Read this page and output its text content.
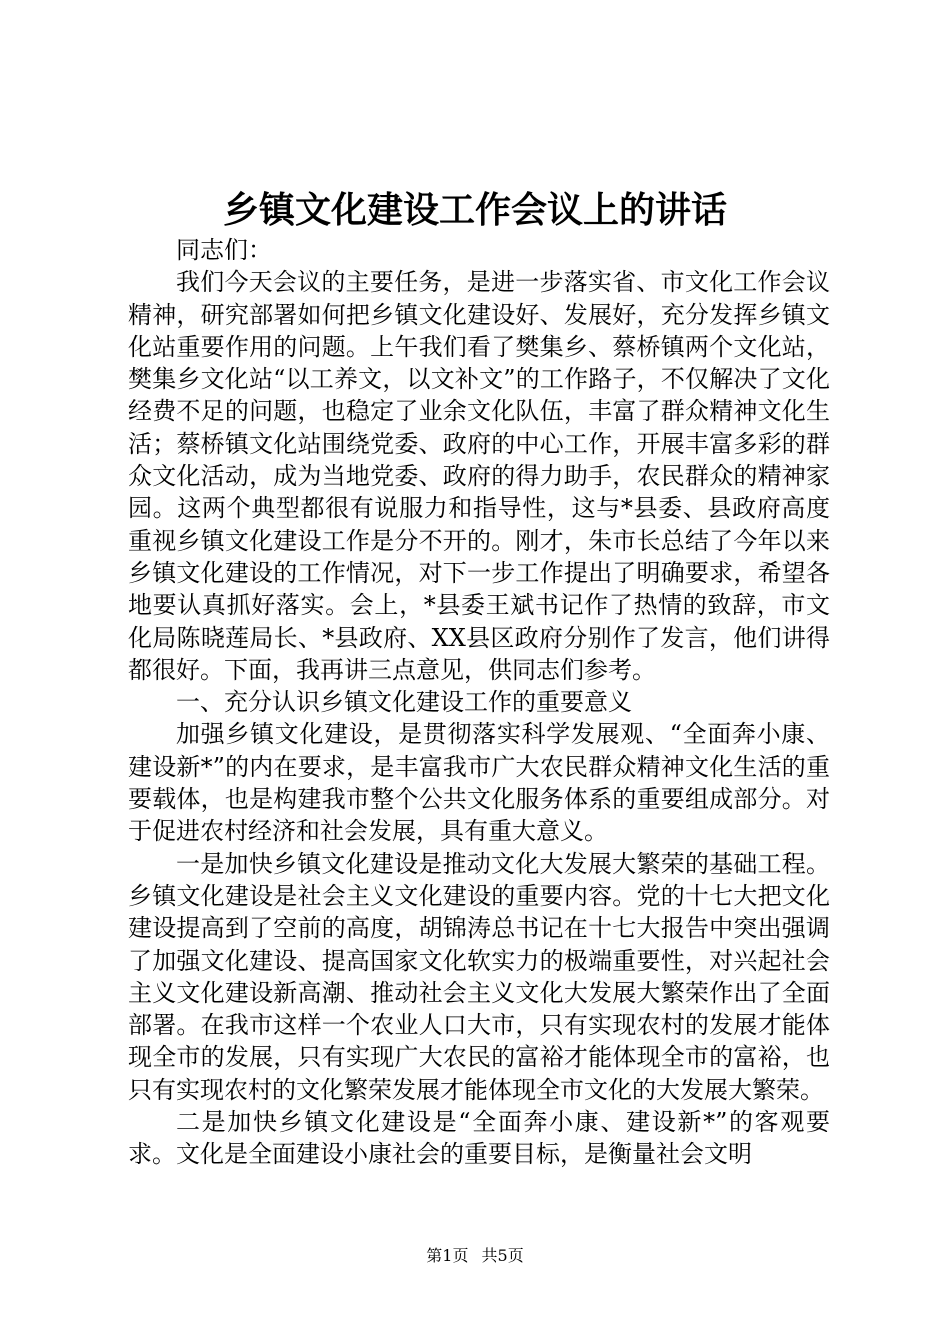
乡镇文化建设工作会议上的讲话

同志们：

我们今天会议的主要任务，是进一步落实省、市文化工作会议精神，研究部署如何把乡镇文化建设好、发展好，充分发挥乡镇文化站重要作用的问题。上午我们看了樊集乡、蔡桥镇两个文化站，樊集乡文化站“以工养文，以文补文”的工作路子，不仅解决了文化经费不足的问题，也稳定了业余文化队伍，丰富了群众精神文化生活；蔡桥镇文化站围绕党委、政府的中心工作，开展丰富多彩的群众文化活动，成为当地党委、政府的得力助手，农民群众的精神家园。这两个典型都很有说服力和指导性，这与*县委、县政府高度重视乡镇文化建设工作是分不开的。刚才，朱市长总结了今年以来乡镇文化建设的工作情况，对下一步工作提出了明确要求，希望各地要认真抓好落实。会上，*县委王斌书记作了热情的致辞，市文化局陈晓莲局长、*县政府、XX县区政府分别作了发言，他们讲得都很好。下面，我再讲三点意见，供同志们参考。

一、充分认识乡镇文化建设工作的重要意义

加强乡镇文化建设，是贯彻落实科学发展观、“全面奔小康、建设新*”的内在要求，是丰富我市广大农民群众精神文化生活的重要载体，也是构建我市整个公共文化服务体系的重要组成部分。对于促进农村经济和社会发展，具有重大意义。

一是加快乡镇文化建设是推动文化大发展大繁荣的基础工程。乡镇文化建设是社会主义文化建设的重要内容。党的十七大把文化建设提高到了空前的高度，胡锦涛总书记在十七大报告中突出强调了加强文化建设、提高国家文化软实力的极端重要性，对兴起社会主义文化建设新高潮、推动社会主义文化大发展大繁荣作出了全面部署。在我市这样一个农业人口大市，只有实现农村的发展才能体现全市的发展，只有实现广大农民的富裕才能体现全市的富裕，也只有实现农村的文化繁荣发展才能体现全市文化的大发展大繁荣。

二是加快乡镇文化建设是“全面奔小康、建设新*”的客观要求。文化是全面建设小康社会的重要目标，是衡量社会文明

第1页 共5页
